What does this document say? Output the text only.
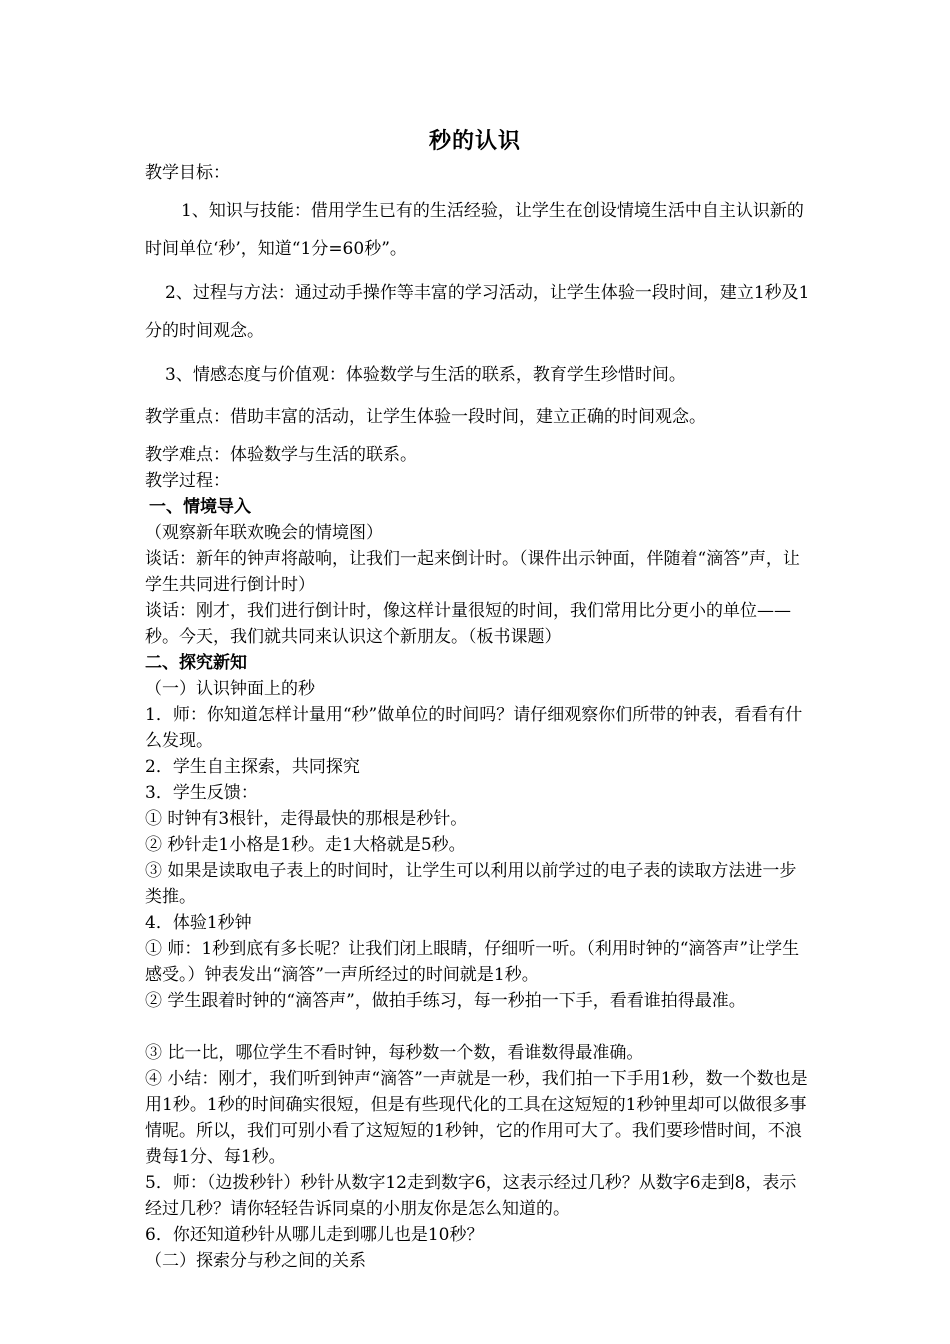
秒的认识

教学目标：

1、知识与技能：借用学生已有的生活经验，让学生在创设情境生活中自主认识新的时间单位‘秒’，知道“1分=60秒”。

2、过程与方法：通过动手操作等丰富的学习活动，让学生体验一段时间，建立1秒及1分的时间观念。

3、情感态度与价值观：体验数学与生活的联系，教育学生珍惜时间。

教学重点：借助丰富的活动，让学生体验一段时间，建立正确的时间观念。

教学难点：体验数学与生活的联系。

教学过程：

一、情境导入

（观察新年联欢晚会的情境图）

谈话：新年的钟声将敲响，让我们一起来倒计时。（课件出示钟面，伴随着“滴答”声，让学生共同进行倒计时）

谈话：刚才，我们进行倒计时，像这样计量很短的时间，我们常用比分更小的单位——秒。今天，我们就共同来认识这个新朋友。（板书课题）

二、探究新知

（一）认识钟面上的秒

1．师：你知道怎样计量用“秒”做单位的时间吗？请仔细观察你们所带的钟表，看看有什么发现。

2．学生自主探索，共同探究

3．学生反馈：

① 时钟有3根针，走得最快的那根是秒针。

② 秒针走1小格是1秒。走1大格就是5秒。

③ 如果是读取电子表上的时间时，让学生可以利用以前学过的电子表的读取方法进一步类推。

4．体验1秒钟

① 师：1秒到底有多长呢？让我们闭上眼睛，仔细听一听。（利用时钟的“滴答声”让学生感受。）钟表发出“滴答”一声所经过的时间就是1秒。

② 学生跟着时钟的“滴答声”，做拍手练习，每一秒拍一下手，看看谁拍得最准。

③ 比一比，哪位学生不看时钟，每秒数一个数，看谁数得最准确。

④ 小结：刚才，我们听到钟声“滴答”一声就是一秒，我们拍一下手用1秒，数一个数也是用1秒。1秒的时间确实很短，但是有些现代化的工具在这短短的1秒钟里却可以做很多事情呢。所以，我们可别小看了这短短的1秒钟，它的作用可大了。我们要珍惜时间，不浪费每1分、每1秒。

5．师：（边拨秒针）秒针从数字12走到数字6，这表示经过几秒？从数字6走到8，表示经过几秒？请你轻轻告诉同桌的小朋友你是怎么知道的。

6．你还知道秒针从哪儿走到哪儿也是10秒？

（二）探索分与秒之间的关系
